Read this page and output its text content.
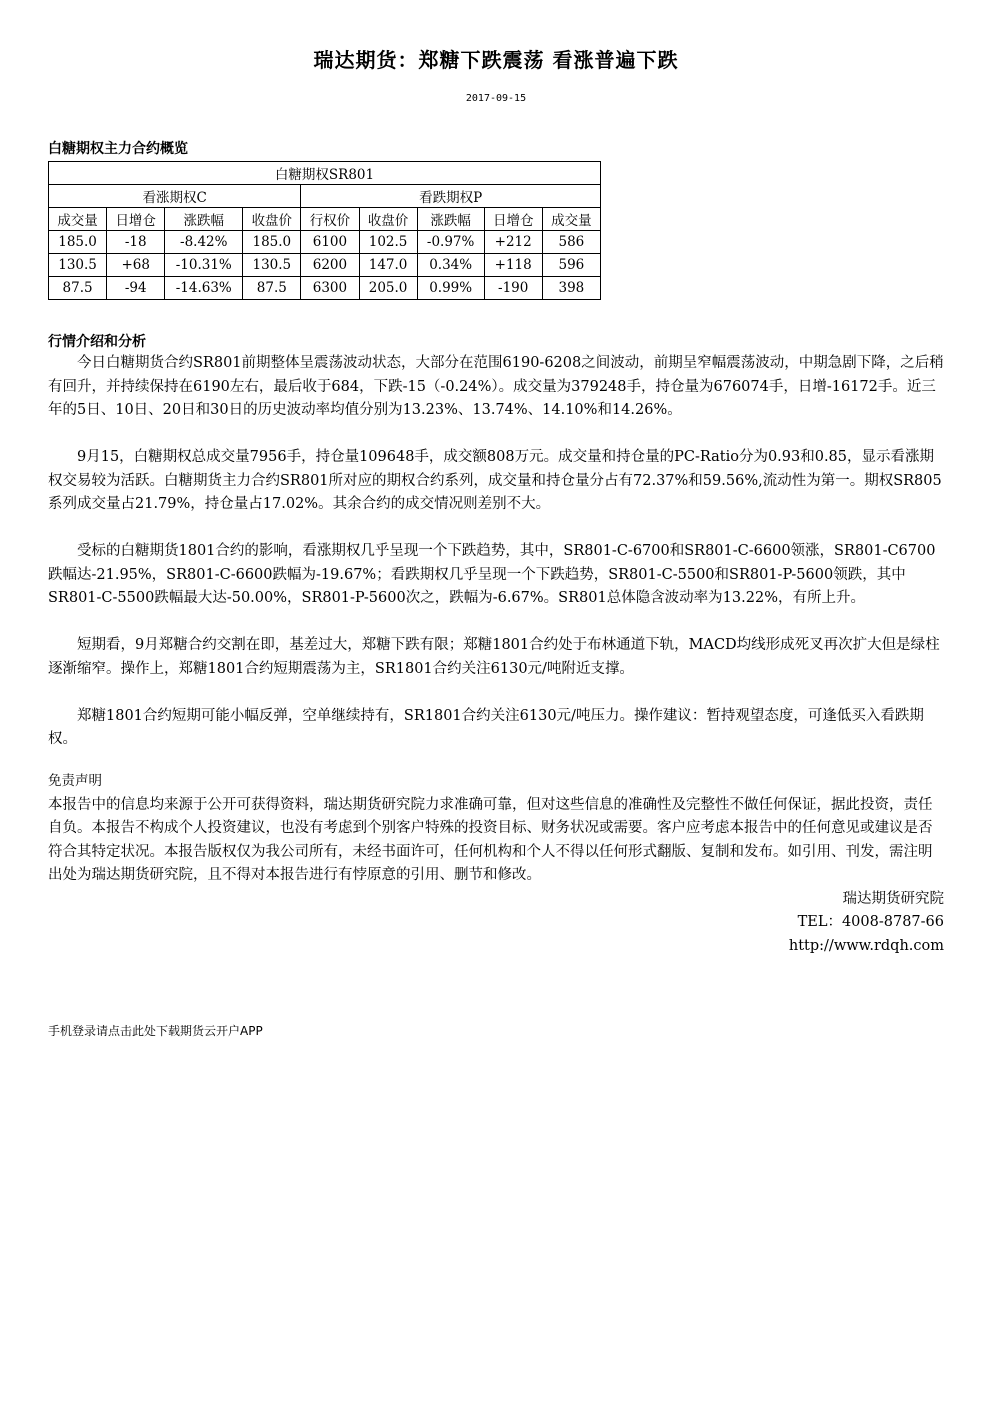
瑞达期货：郑糖下跌震荡 看涨普遍下跌
2017-09-15
白糖期权主力合约概览
白糖期权SR801								
看涨期权C				看跌期权P				
成交量	日增仓	涨跌幅	收盘价	行权价	收盘价	涨跌幅	日增仓	成交量
185.0	-18	-8.42%	185.0	6100	102.5	-0.97%	+212	586
130.5	+68	-10.31%	130.5	6200	147.0	0.34%	+118	596
87.5	-94	-14.63%	87.5	6300	205.0	0.99%	-190	398
行情介绍和分析

今日白糖期货合约SR801前期整体呈震荡波动状态，大部分在范围6190-6208之间波动，前期呈窄幅震荡波动，中期急剧下降，之后稍有回升，并持续保持在6190左右，最后收于684，下跌-15（-0.24%）。成交量为379248手，持仓量为676074手，日增-16172手。近三年的5日、10日、20日和30日的历史波动率均值分别为13.23%、13.74%、14.10%和14.26%。

9月15，白糖期权总成交量7956手，持仓量109648手，成交额808万元。成交量和持仓量的PC-Ratio分为0.93和0.85，显示看涨期权交易较为活跃。白糖期货主力合约SR801所对应的期权合约系列，成交量和持仓量分占有72.37%和59.56%,流动性为第一。期权SR805系列成交量占21.79%，持仓量占17.02%。其余合约的成交情况则差别不大。

受标的白糖期货1801合约的影响，看涨期权几乎呈现一个下跌趋势，其中，SR801-C-6700和SR801-C-6600领涨，SR801-C6700跌幅达-21.95%，SR801-C-6600跌幅为-19.67%；看跌期权几乎呈现一个下跌趋势，SR801-C-5500和SR801-P-5600领跌，其中SR801-C-5500跌幅最大达-50.00%，SR801-P-5600次之，跌幅为-6.67%。SR801总体隐含波动率为13.22%，有所上升。

短期看，9月郑糖合约交割在即，基差过大，郑糖下跌有限；郑糖1801合约处于布林通道下轨，MACD均线形成死叉再次扩大但是绿柱逐渐缩窄。操作上，郑糖1801合约短期震荡为主，SR1801合约关注6130元/吨附近支撑。

郑糖1801合约短期可能小幅反弹，空单继续持有，SR1801合约关注6130元/吨压力。操作建议：暂持观望态度，可逢低买入看跌期权。

免责声明
本报告中的信息均来源于公开可获得资料，瑞达期货研究院力求准确可靠，但对这些信息的准确性及完整性不做任何保证，据此投资，责任自负。本报告不构成个人投资建议，也没有考虑到个别客户特殊的投资目标、财务状况或需要。客户应考虑本报告中的任何意见或建议是否符合其特定状况。本报告版权仅为我公司所有，未经书面许可，任何机构和个人不得以任何形式翻版、复制和发布。如引用、刊发，需注明出处为瑞达期货研究院，且不得对本报告进行有悖原意的引用、删节和修改。
瑞达期货研究院
TEL：4008-8787-66
http://www.rdqh.com
手机登录请点击此处下载期货云开户APP
